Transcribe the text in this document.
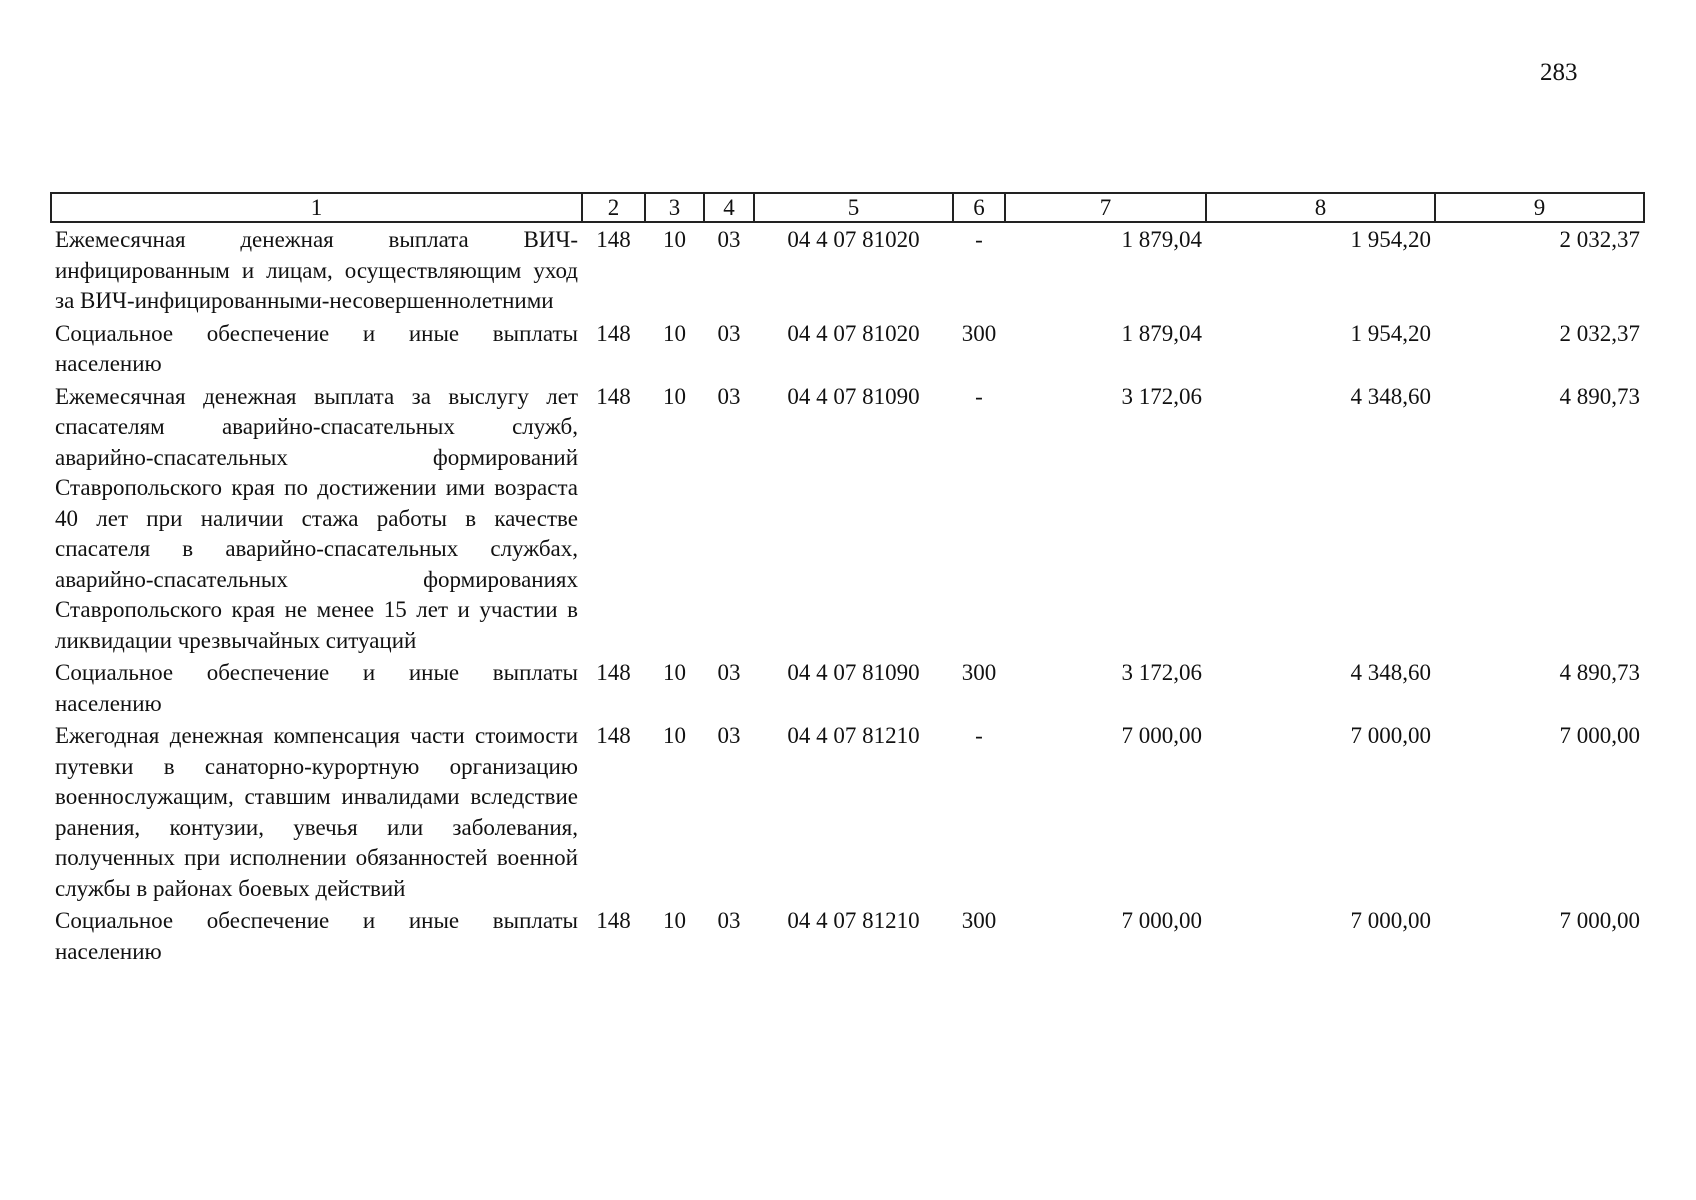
283
1	2	3	4	5	6	7	8	9
Ежемесячная денежная выплата ВИЧ-инфицированным и лицам, осуществляющим уход за ВИЧ-инфицированными-несовершеннолетними	148	10	03	04 4 07 81020	-	1 879,04	1 954,20	2 032,37
Социальное обеспечение и иные выплаты населению	148	10	03	04 4 07 81020	300	1 879,04	1 954,20	2 032,37
Ежемесячная денежная выплата за выслугу лет спасателям аварийно-спасательных служб, аварийно-спасательных формирований Ставропольского края по достижении ими возраста 40 лет при наличии стажа работы в качестве спасателя в аварийно-спасательных службах, аварийно-спасательных формированиях Ставропольского края не менее 15 лет и участии в ликвидации чрезвычайных ситуаций	148	10	03	04 4 07 81090	-	3 172,06	4 348,60	4 890,73
Социальное обеспечение и иные выплаты населению	148	10	03	04 4 07 81090	300	3 172,06	4 348,60	4 890,73
Ежегодная денежная компенсация части стоимости путевки в санаторно-курортную организацию военнослужащим, ставшим инвалидами вследствие ранения, контузии, увечья или заболевания, полученных при исполнении обязанностей военной службы в районах боевых действий	148	10	03	04 4 07 81210	-	7 000,00	7 000,00	7 000,00
Социальное обеспечение и иные выплаты населению	148	10	03	04 4 07 81210	300	7 000,00	7 000,00	7 000,00
